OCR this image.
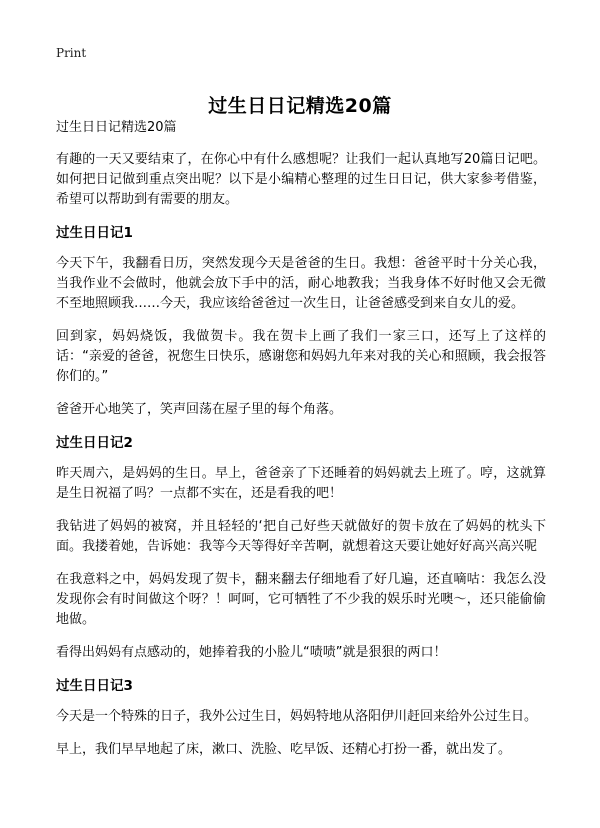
Print
过生日日记精选20篇
过生日日记精选20篇

有趣的一天又要结束了，在你心中有什么感想呢？让我们一起认真地写20篇日记吧。如何把日记做到重点突出呢？以下是小编精心整理的过生日日记，供大家参考借鉴，希望可以帮助到有需要的朋友。

过生日日记1

今天下午，我翻看日历，突然发现今天是爸爸的生日。我想：爸爸平时十分关心我，当我作业不会做时，他就会放下手中的活，耐心地教我；当我身体不好时他又会无微不至地照顾我……今天，我应该给爸爸过一次生日，让爸爸感受到来自女儿的爱。

回到家，妈妈烧饭，我做贺卡。我在贺卡上画了我们一家三口，还写上了这样的话：“亲爱的爸爸，祝您生日快乐，感谢您和妈妈九年来对我的关心和照顾，我会报答你们的。”

爸爸开心地笑了，笑声回荡在屋子里的每个角落。

过生日日记2

昨天周六，是妈妈的生日。早上，爸爸亲了下还睡着的妈妈就去上班了。哼，这就算是生日祝福了吗？一点都不实在，还是看我的吧！

我钻进了妈妈的被窝，并且轻轻的‘把自己好些天就做好的贺卡放在了妈妈的枕头下面。我搂着她，告诉她：我等今天等得好辛苦啊，就想着这天要让她好好高兴高兴呢

在我意料之中，妈妈发现了贺卡，翻来翻去仔细地看了好几遍，还直嘀咕：我怎么没发现你会有时间做这个呀？！呵呵，它可牺牲了不少我的娱乐时光噢～，还只能偷偷地做。

看得出妈妈有点感动的，她捧着我的小脸儿“啧啧”就是狠狠的两口！

过生日日记3

今天是一个特殊的日子，我外公过生日，妈妈特地从洛阳伊川赶回来给外公过生日。

早上，我们早早地起了床，漱口、洗脸、吃早饭、还精心打扮一番，就出发了。
